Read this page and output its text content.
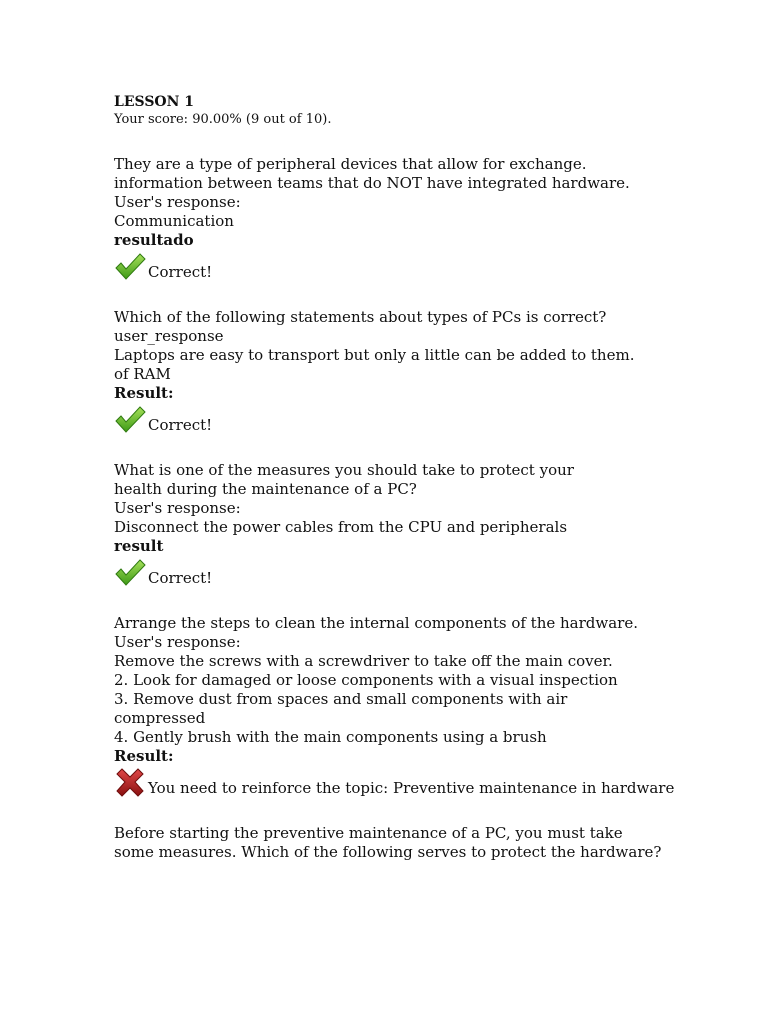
LESSON 1
Your score: 90.00% (9 out of 10).
They are a type of peripheral devices that allow for exchange.
information between teams that do NOT have integrated hardware.
User's response:
Communication
resultado
Correct!
Which of the following statements about types of PCs is correct?
user_response
Laptops are easy to transport but only a little can be added to them.
of RAM
Result:
Correct!
What is one of the measures you should take to protect your
health during the maintenance of a PC?
User's response:
Disconnect the power cables from the CPU and peripherals
result
Correct!
Arrange the steps to clean the internal components of the hardware.
User's response:
Remove the screws with a screwdriver to take off the main cover.
2. Look for damaged or loose components with a visual inspection
3. Remove dust from spaces and small components with air
compressed
4. Gently brush with the main components using a brush
Result:
You need to reinforce the topic: Preventive maintenance in hardware
Before starting the preventive maintenance of a PC, you must take
some measures. Which of the following serves to protect the hardware?
